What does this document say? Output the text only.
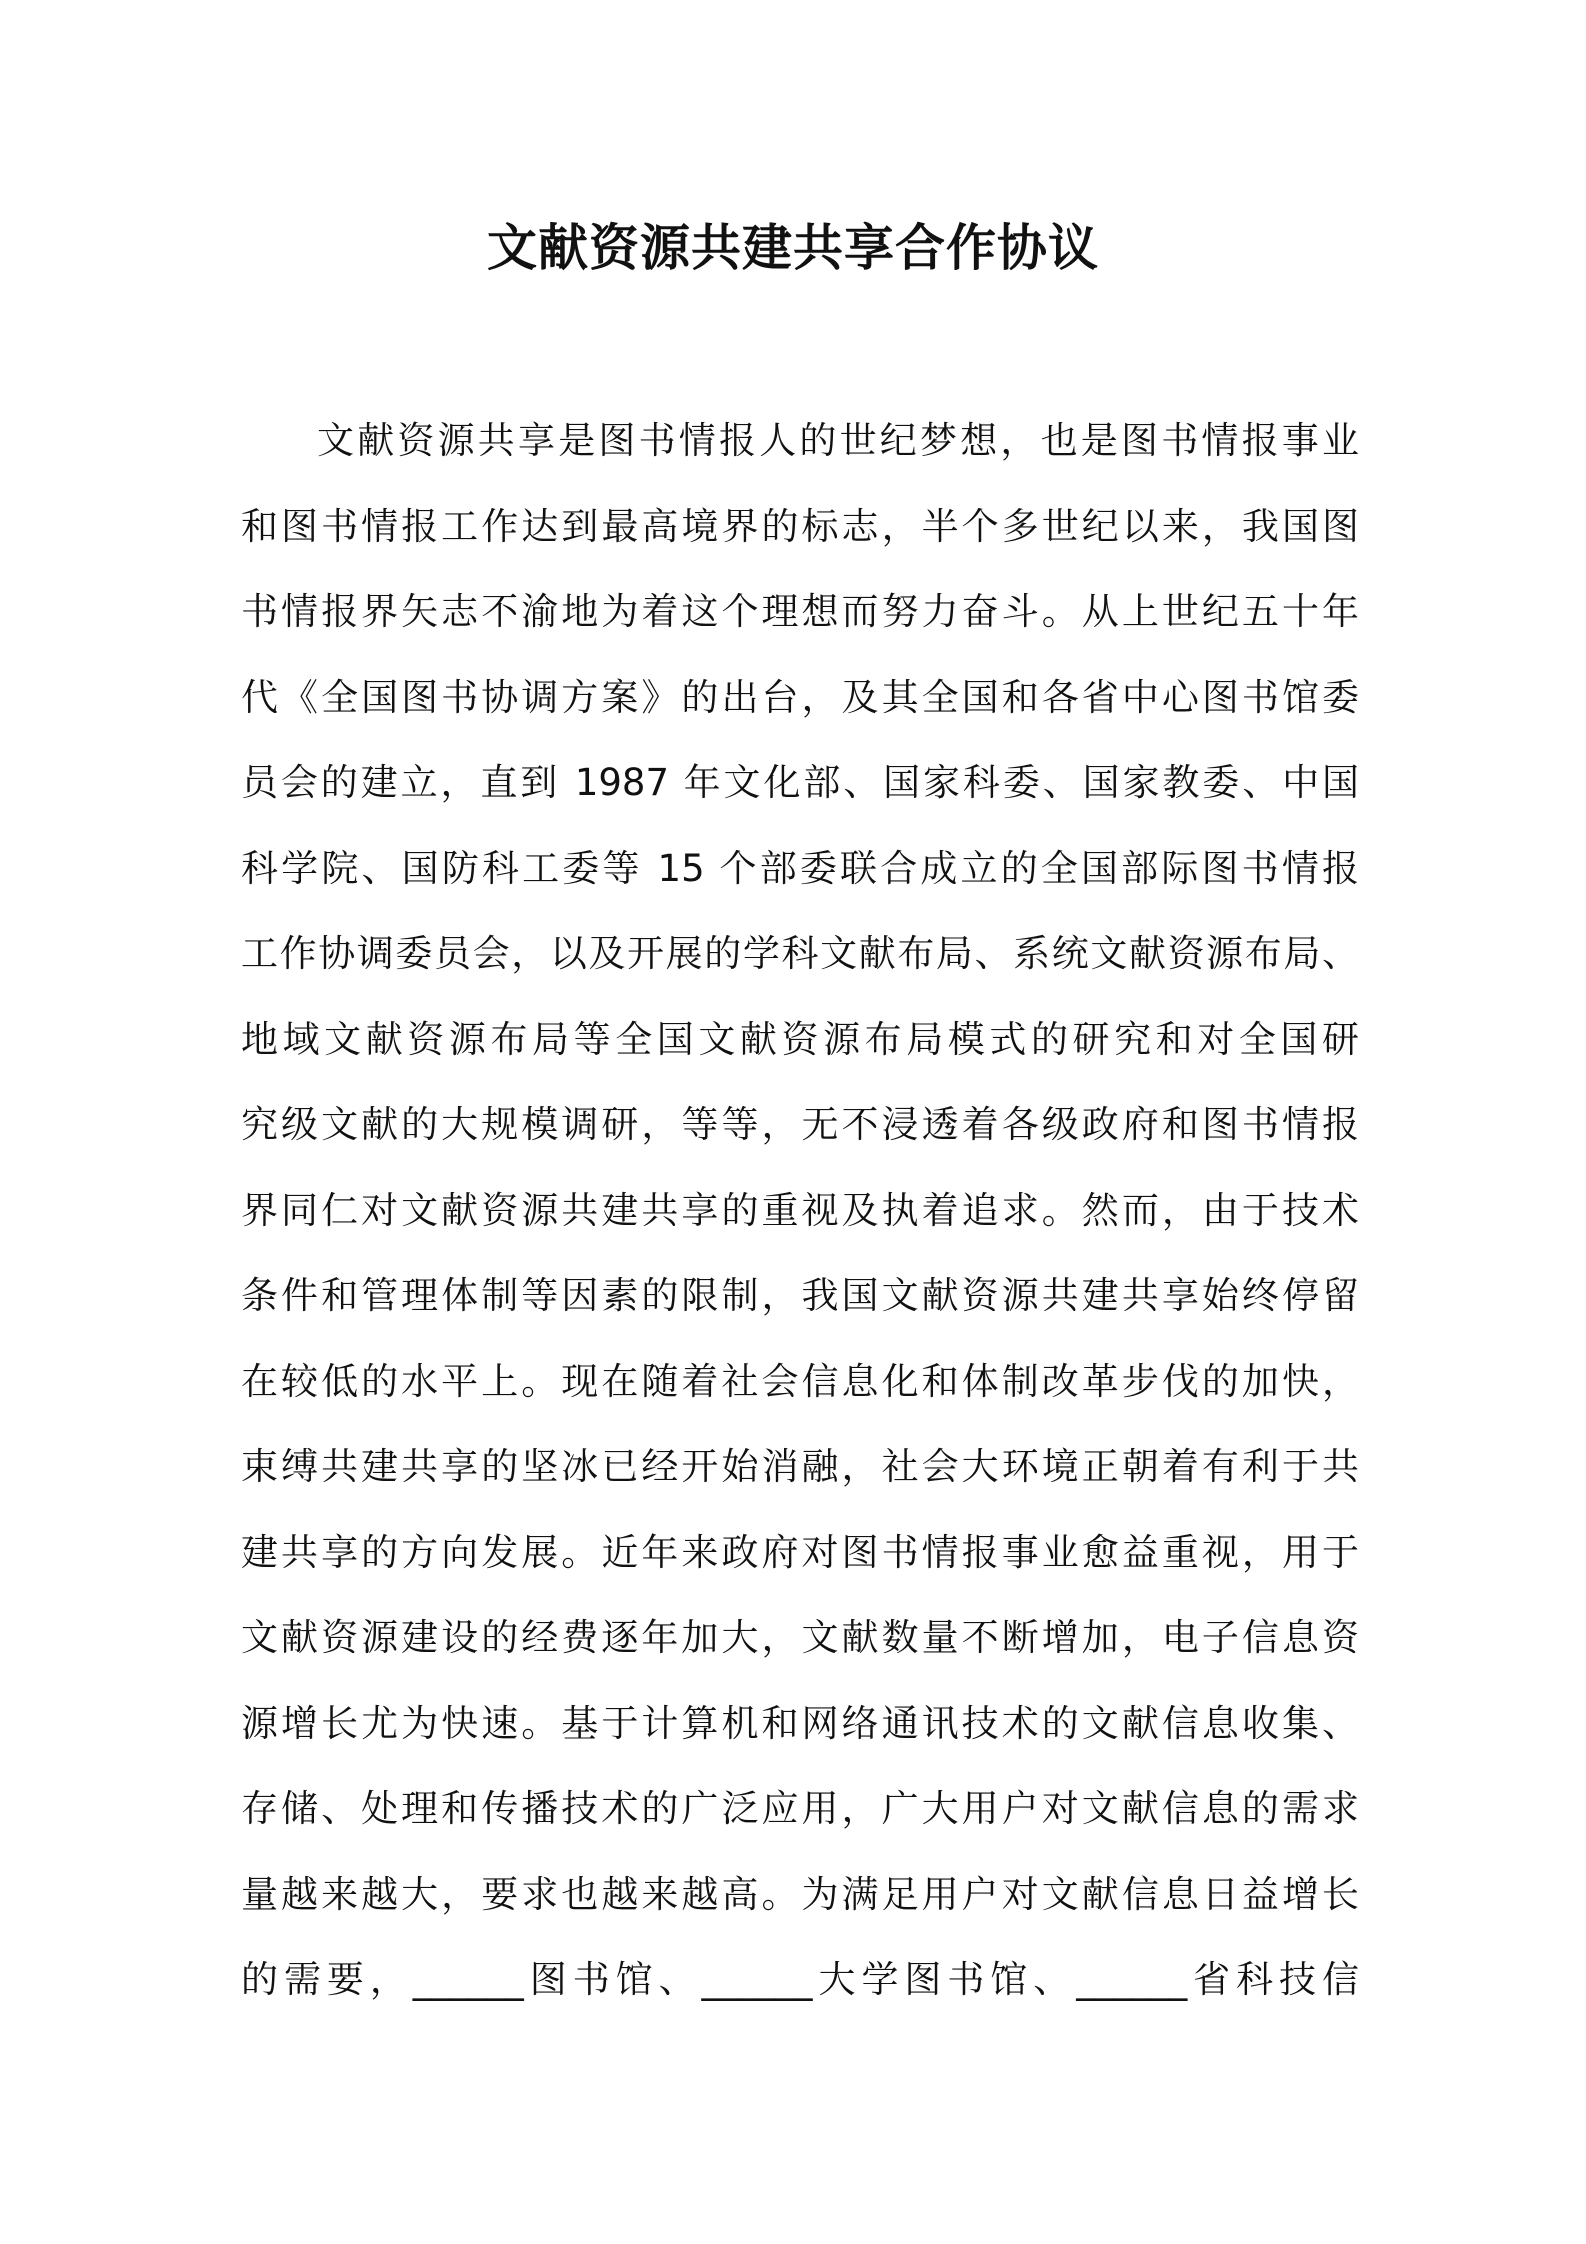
文献资源共建共享合作协议
文献资源共享是图书情报人的世纪梦想，也是图书情报事业
和图书情报工作达到最高境界的标志，半个多世纪以来，我国图
书情报界矢志不渝地为着这个理想而努力奋斗。从上世纪五十年
代《全国图书协调方案》的出台，及其全国和各省中心图书馆委
员会的建立，直到 1987 年文化部、国家科委、国家教委、中国
科学院、国防科工委等 15 个部委联合成立的全国部际图书情报
工作协调委员会，以及开展的学科文献布局、系统文献资源布局、
地域文献资源布局等全国文献资源布局模式的研究和对全国研
究级文献的大规模调研，等等，无不浸透着各级政府和图书情报
界同仁对文献资源共建共享的重视及执着追求。然而，由于技术
条件和管理体制等因素的限制，我国文献资源共建共享始终停留
在较低的水平上。现在随着社会信息化和体制改革步伐的加快，
束缚共建共享的坚冰已经开始消融，社会大环境正朝着有利于共
建共享的方向发展。近年来政府对图书情报事业愈益重视，用于
文献资源建设的经费逐年加大，文献数量不断增加，电子信息资
源增长尤为快速。基于计算机和网络通讯技术的文献信息收集、
存储、处理和传播技术的广泛应用，广大用户对文献信息的需求
量越来越大，要求也越来越高。为满足用户对文献信息日益增长
的需要，______图书馆、______大学图书馆、______省科技信
